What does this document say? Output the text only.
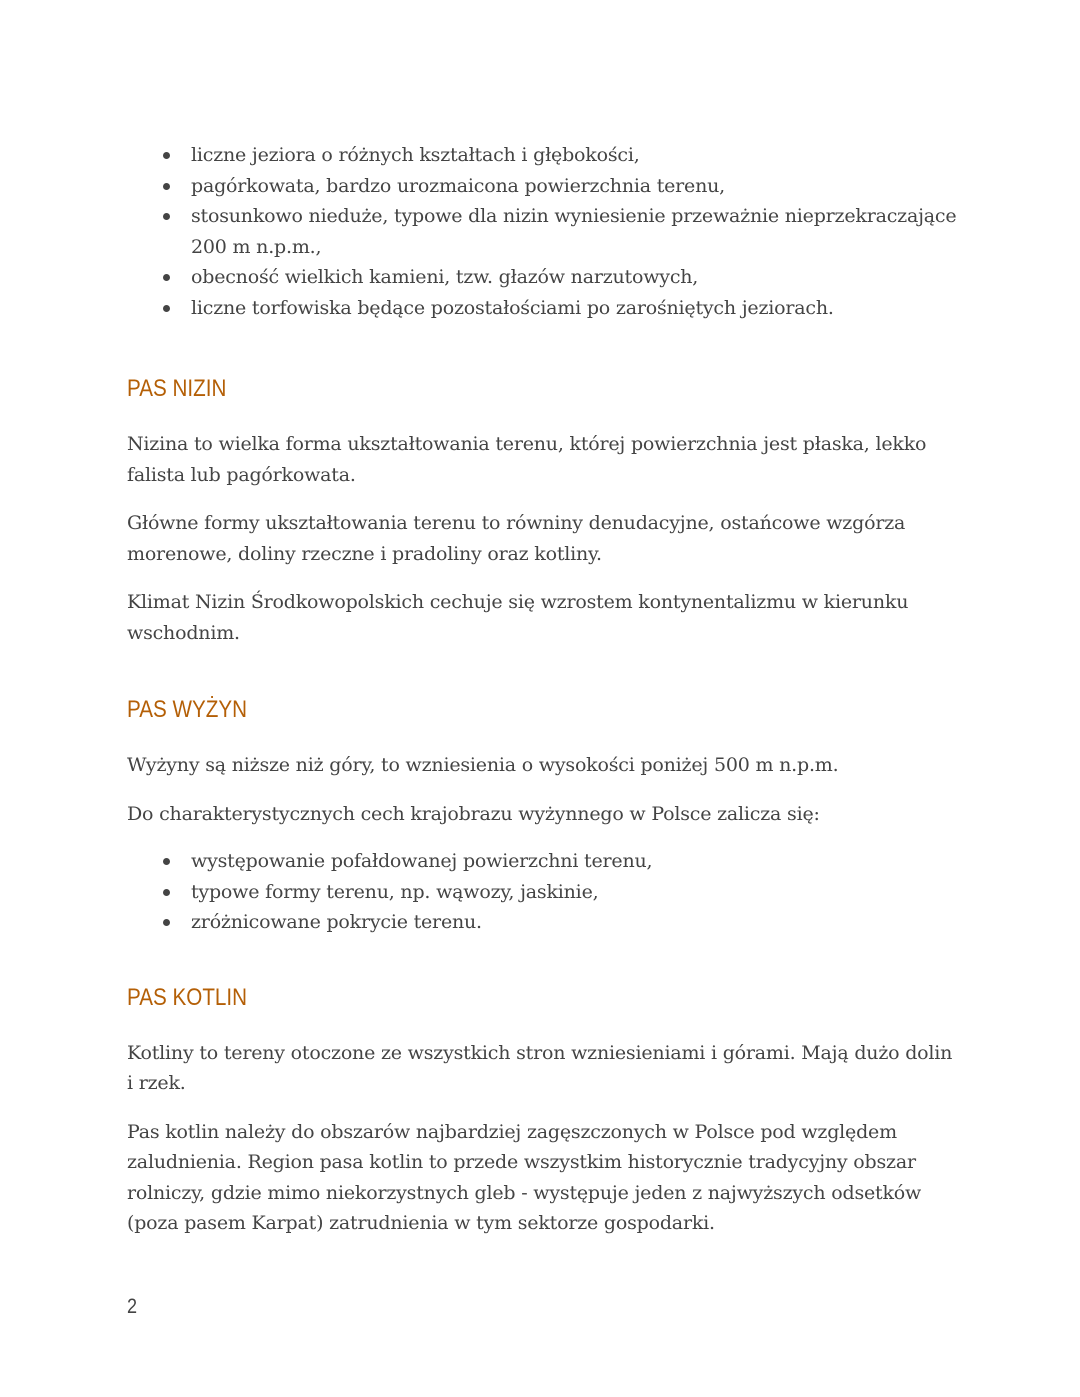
liczne jeziora o różnych kształtach i głębokości,
pagórkowata, bardzo urozmaicona powierzchnia terenu,
stosunkowo nieduże, typowe dla nizin wyniesienie przeważnie nieprzekraczające 200 m n.p.m.,
obecność wielkich kamieni, tzw. głazów narzutowych,
liczne torfowiska będące pozostałościami po zarośniętych jeziorach.
PAS NIZIN

Nizina to wielka forma ukształtowania terenu, której powierzchnia jest płaska, lekko falista lub pagórkowata.

Główne formy ukształtowania terenu to równiny denudacyjne, ostańcowe wzgórza morenowe, doliny rzeczne i pradoliny oraz kotliny.

Klimat Nizin Środkowopolskich cechuje się wzrostem kontynentalizmu w kierunku wschodnim.

PAS WYŻYN

Wyżyny są niższe niż góry, to wzniesienia o wysokości poniżej 500 m n.p.m.

Do charakterystycznych cech krajobrazu wyżynnego w Polsce zalicza się:

występowanie pofałdowanej powierzchni terenu,
typowe formy terenu, np. wąwozy, jaskinie,
zróżnicowane pokrycie terenu.
PAS KOTLIN

Kotliny to tereny otoczone ze wszystkich stron wzniesieniami i górami. Mają dużo dolin i rzek.

Pas kotlin należy do obszarów najbardziej zagęszczonych w Polsce pod względem zaludnienia. Region pasa kotlin to przede wszystkim historycznie tradycyjny obszar rolniczy, gdzie mimo niekorzystnych gleb - występuje jeden z najwyższych odsetków (poza pasem Karpat) zatrudnienia w tym sektorze gospodarki.

2
